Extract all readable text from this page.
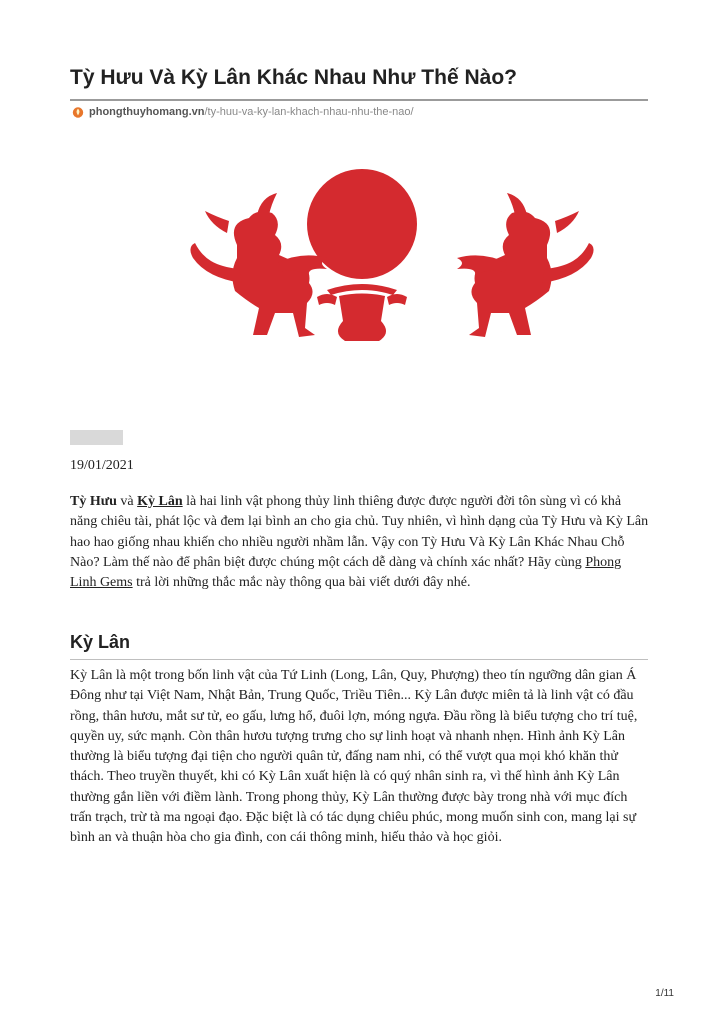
Tỳ Hưu Và Kỳ Lân Khác Nhau Như Thế Nào?
phongthuyhomang.vn /ty-huu-va-ky-lan-khach-nhau-nhu-the-nao/
19/01/2021

Tỳ Hưu và Kỳ Lân là hai linh vật phong thủy linh thiêng được được người đời tôn sùng vì có khả năng chiêu tài, phát lộc và đem lại bình an cho gia chủ. Tuy nhiên, vì hình dạng của Tỳ Hưu và Kỳ Lân hao hao giống nhau khiến cho nhiều người nhầm lẫn. Vậy con Tỳ Hưu Và Kỳ Lân Khác Nhau Chỗ Nào? Làm thế nào để phân biệt được chúng một cách dễ dàng và chính xác nhất? Hãy cùng Phong Linh Gems trả lời những thắc mắc này thông qua bài viết dưới đây nhé.

Kỳ Lân

Kỳ Lân là một trong bốn linh vật của Tứ Linh (Long, Lân, Quy, Phượng) theo tín ngưỡng dân gian Á Đông như tại Việt Nam, Nhật Bản, Trung Quốc, Triều Tiên... Kỳ Lân được miên tả là linh vật có đầu rồng, thân hươu, mắt sư tử, eo gấu, lưng hổ, đuôi lợn, móng ngựa. Đầu rồng là biểu tượng cho trí tuệ, quyền uy, sức mạnh. Còn thân hươu tượng trưng cho sự linh hoạt và nhanh nhẹn. Hình ảnh Kỳ Lân thường là biểu tượng đại tiện cho người quân tử, đấng nam nhi, có thể vượt qua mọi khó khăn thử thách. Theo truyền thuyết, khi có Kỳ Lân xuất hiện là có quý nhân sinh ra, vì thế hình ảnh Kỳ Lân thường gắn liền với điềm lành. Trong phong thủy, Kỳ Lân thường được bày trong nhà với mục đích trấn trạch, trừ tà ma ngoại đạo. Đặc biệt là có tác dụng chiêu phúc, mong muốn sinh con, mang lại sự bình an và thuận hòa cho gia đình, con cái thông minh, hiếu thảo và học giỏi.

1/11
